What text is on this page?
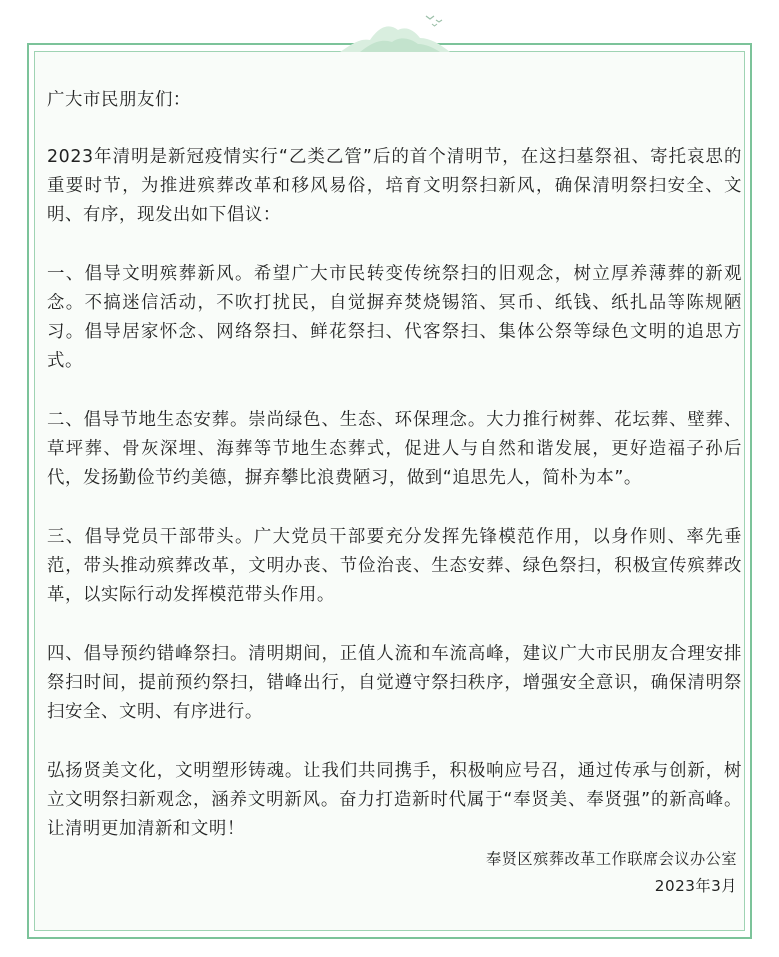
广大市民朋友们：

2023年清明是新冠疫情实行“乙类乙管”后的首个清明节，在这扫墓祭祖、寄托哀思的重要时节，为推进殡葬改革和移风易俗，培育文明祭扫新风，确保清明祭扫安全、文明、有序，现发出如下倡议：

一、倡导文明殡葬新风。希望广大市民转变传统祭扫的旧观念，树立厚养薄葬的新观念。不搞迷信活动，不吹打扰民，自觉摒弃焚烧锡箔、冥币、纸钱、纸扎品等陈规陋习。倡导居家怀念、网络祭扫、鲜花祭扫、代客祭扫、集体公祭等绿色文明的追思方式。

二、倡导节地生态安葬。崇尚绿色、生态、环保理念。大力推行树葬、花坛葬、壁葬、草坪葬、骨灰深埋、海葬等节地生态葬式，促进人与自然和谐发展，更好造福子孙后代，发扬勤俭节约美德，摒弃攀比浪费陋习，做到“追思先人，简朴为本”。

三、倡导党员干部带头。广大党员干部要充分发挥先锋模范作用，以身作则、率先垂范，带头推动殡葬改革，文明办丧、节俭治丧、生态安葬、绿色祭扫，积极宣传殡葬改革，以实际行动发挥模范带头作用。

四、倡导预约错峰祭扫。清明期间，正值人流和车流高峰，建议广大市民朋友合理安排祭扫时间，提前预约祭扫，错峰出行，自觉遵守祭扫秩序，增强安全意识，确保清明祭扫安全、文明、有序进行。

弘扬贤美文化，文明塑形铸魂。让我们共同携手，积极响应号召，通过传承与创新，树立文明祭扫新观念，涵养文明新风。奋力打造新时代属于“奉贤美、奉贤强”的新高峰。让清明更加清新和文明！

奉贤区殡葬改革工作联席会议办公室
2023年3月
